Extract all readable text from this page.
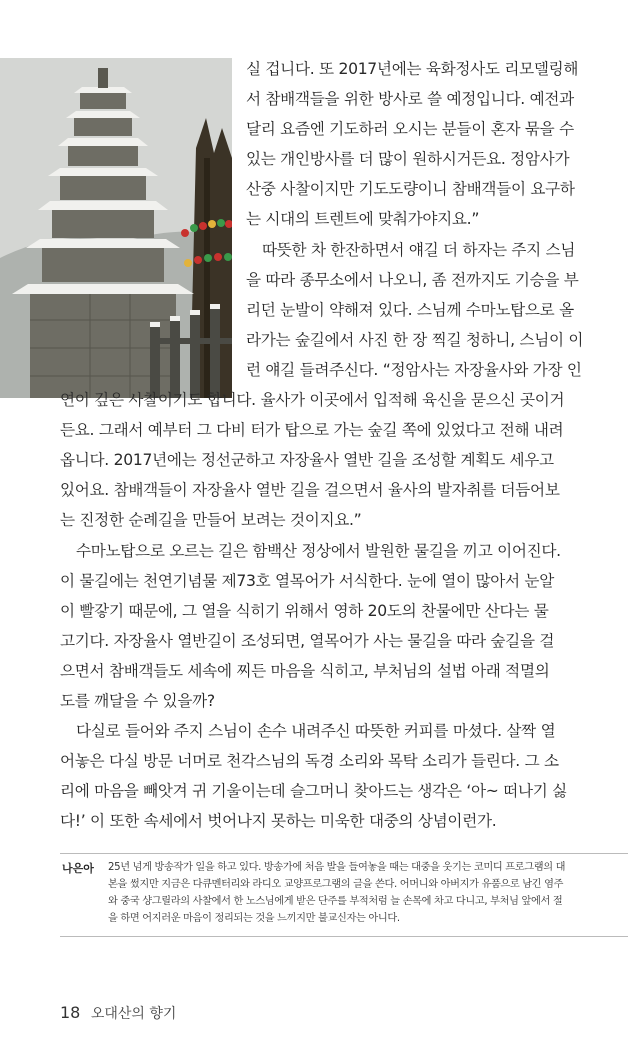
실 겁니다. 또 2017년에는 육화정사도 리모델링해
서 참배객들을 위한 방사로 쓸 예정입니다. 예전과
달리 요즘엔 기도하러 오시는 분들이 혼자 묶을 수
있는 개인방사를 더 많이 원하시거든요. 정암사가
산중 사찰이지만 기도도량이니 참배객들이 요구하
는 시대의 트렌트에 맞춰가야지요.”
따뜻한 차 한잔하면서 얘길 더 하자는 주지 스님
을 따라 종무소에서 나오니, 좀 전까지도 기승을 부
리던 눈발이 약해져 있다. 스님께 수마노탑으로 올
라가는 숲길에서 사진 한 장 찍길 청하니, 스님이 이
런 얘길 들려주신다. “정암사는 자장율사와 가장 인
연이 깊은 사찰이기도 합니다. 율사가 이곳에서 입적해 육신을 묻으신 곳이거
든요. 그래서 예부터 그 다비 터가 탑으로 가는 숲길 쪽에 있었다고 전해 내려
옵니다. 2017년에는 정선군하고 자장율사 열반 길을 조성할 계획도 세우고
있어요. 참배객들이 자장율사 열반 길을 걸으면서 율사의 발자취를 더듬어보
는 진정한 순례길을 만들어 보려는 것이지요.”
수마노탑으로 오르는 길은 함백산 정상에서 발원한 물길을 끼고 이어진다.
이 물길에는 천연기념물 제73호 열목어가 서식한다. 눈에 열이 많아서 눈알
이 빨갛기 때문에, 그 열을 식히기 위해서 영하 20도의 찬물에만 산다는 물
고기다. 자장율사 열반길이 조성되면, 열목어가 사는 물길을 따라 숲길을 걸
으면서 참배객들도 세속에 찌든 마음을 식히고, 부처님의 설법 아래 적멸의
도를 깨달을 수 있을까?
다실로 들어와 주지 스님이 손수 내려주신 따뜻한 커피를 마셨다. 살짝 열
어놓은 다실 방문 너머로 천각스님의 독경 소리와 목탁 소리가 들린다. 그 소
리에 마음을 빼앗겨 귀 기울이는데 슬그머니 찾아드는 생각은 ‘아~ 떠나기 싫
다!’ 이 또한 속세에서 벗어나지 못하는 미욱한 대중의 상념이런가.
나은아 25년 넘게 방송작가 일을 하고 있다. 방송가에 처음 발을 들여놓을 때는 대중을 웃기는 코미디 프로그램의 대
본을 썼지만 지금은 다큐멘터리와 라디오 교양프로그램의 글을 쓴다. 어머니와 아버지가 유품으로 남긴 염주
와 중국 샹그릴라의 사찰에서 한 노스님에게 받은 단주를 부적처럼 늘 손목에 차고 다니고, 부처님 앞에서 절
을 하면 어지러운 마음이 정리되는 것을 느끼지만 불교신자는 아니다.
18 오대산의 향기
